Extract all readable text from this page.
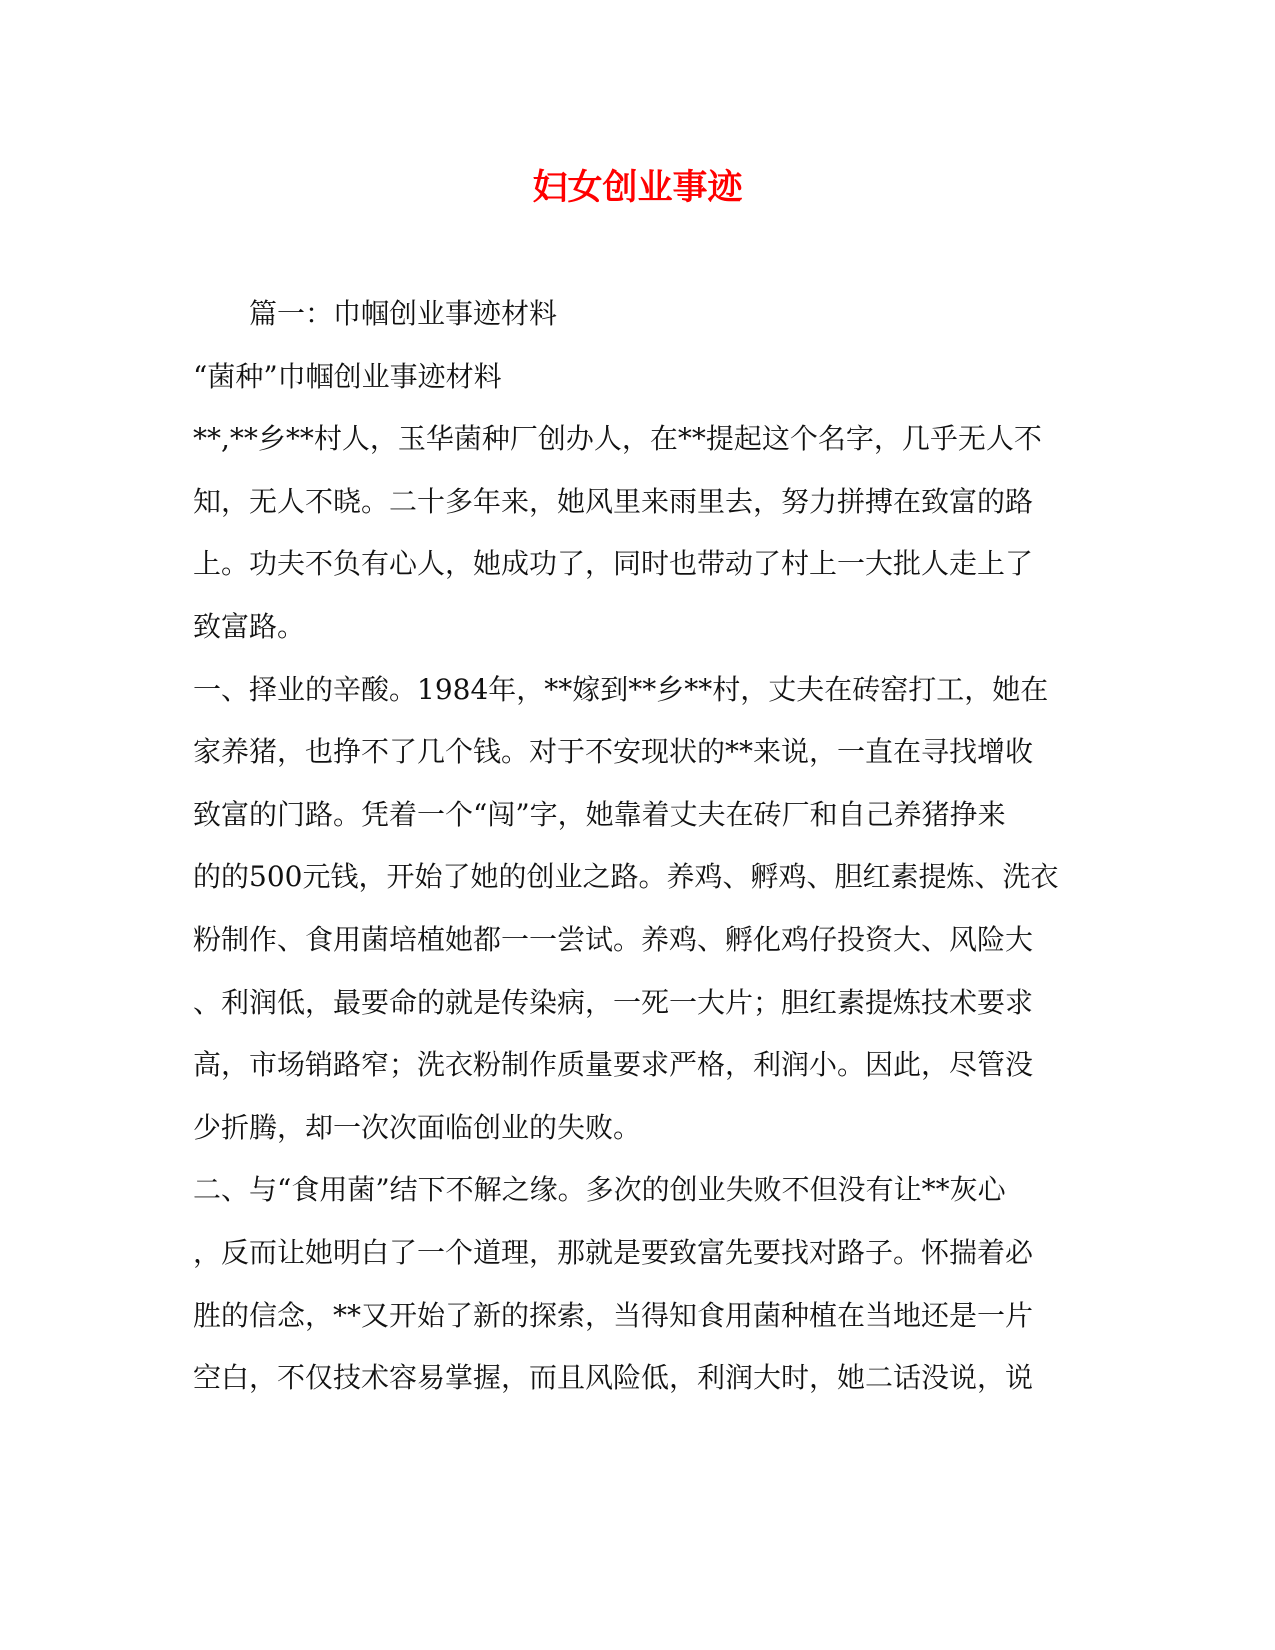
妇女创业事迹
篇一：巾帼创业事迹材料
“菌种”巾帼创业事迹材料
**,**乡**村人，玉华菌种厂创办人，在**提起这个名字，几乎无人不
知，无人不晓。二十多年来，她风里来雨里去，努力拼搏在致富的路
上。功夫不负有心人，她成功了，同时也带动了村上一大批人走上了
致富路。
一、择业的辛酸。1984年，**嫁到**乡**村，丈夫在砖窑打工，她在
家养猪，也挣不了几个钱。对于不安现状的**来说，一直在寻找增收
致富的门路。凭着一个“闯”字，她靠着丈夫在砖厂和自己养猪挣来
的的500元钱，开始了她的创业之路。养鸡、孵鸡、胆红素提炼、洗衣
粉制作、食用菌培植她都一一尝试。养鸡、孵化鸡仔投资大、风险大
、利润低，最要命的就是传染病，一死一大片；胆红素提炼技术要求
高，市场销路窄；洗衣粉制作质量要求严格，利润小。因此，尽管没
少折腾，却一次次面临创业的失败。
二、与“食用菌”结下不解之缘。多次的创业失败不但没有让**灰心
，反而让她明白了一个道理，那就是要致富先要找对路子。怀揣着必
胜的信念，**又开始了新的探索，当得知食用菌种植在当地还是一片
空白，不仅技术容易掌握，而且风险低，利润大时，她二话没说，说
